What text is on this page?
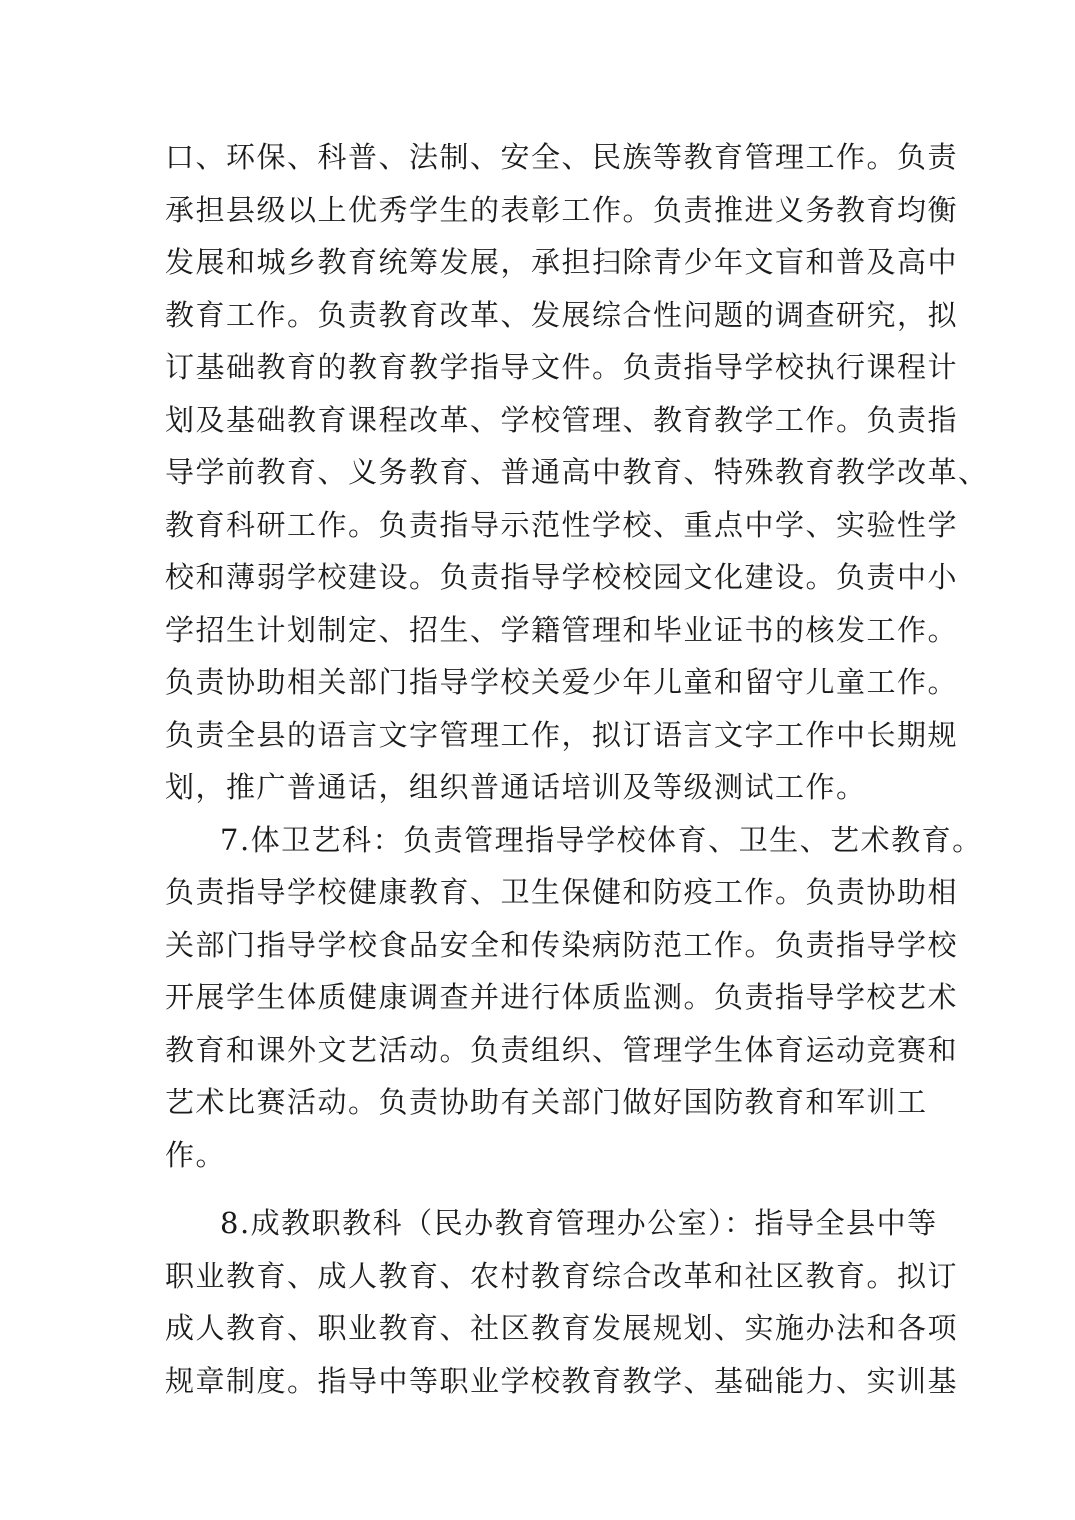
口、环保、科普、法制、安全、民族等教育管理工作。负责
承担县级以上优秀学生的表彰工作。负责推进义务教育均衡
发展和城乡教育统筹发展，承担扫除青少年文盲和普及高中
教育工作。负责教育改革、发展综合性问题的调查研究，拟
订基础教育的教育教学指导文件。负责指导学校执行课程计
划及基础教育课程改革、学校管理、教育教学工作。负责指
导学前教育、义务教育、普通高中教育、特殊教育教学改革、
教育科研工作。负责指导示范性学校、重点中学、实验性学
校和薄弱学校建设。负责指导学校校园文化建设。负责中小
学招生计划制定、招生、学籍管理和毕业证书的核发工作。
负责协助相关部门指导学校关爱少年儿童和留守儿童工作。
负责全县的语言文字管理工作，拟订语言文字工作中长期规
划，推广普通话，组织普通话培训及等级测试工作。
7.体卫艺科：负责管理指导学校体育、卫生、艺术教育。
负责指导学校健康教育、卫生保健和防疫工作。负责协助相
关部门指导学校食品安全和传染病防范工作。负责指导学校
开展学生体质健康调查并进行体质监测。负责指导学校艺术
教育和课外文艺活动。负责组织、管理学生体育运动竞赛和
艺术比赛活动。负责协助有关部门做好国防教育和军训工
作。
8.成教职教科（民办教育管理办公室）：指导全县中等
职业教育、成人教育、农村教育综合改革和社区教育。拟订
成人教育、职业教育、社区教育发展规划、实施办法和各项
规章制度。指导中等职业学校教育教学、基础能力、实训基
